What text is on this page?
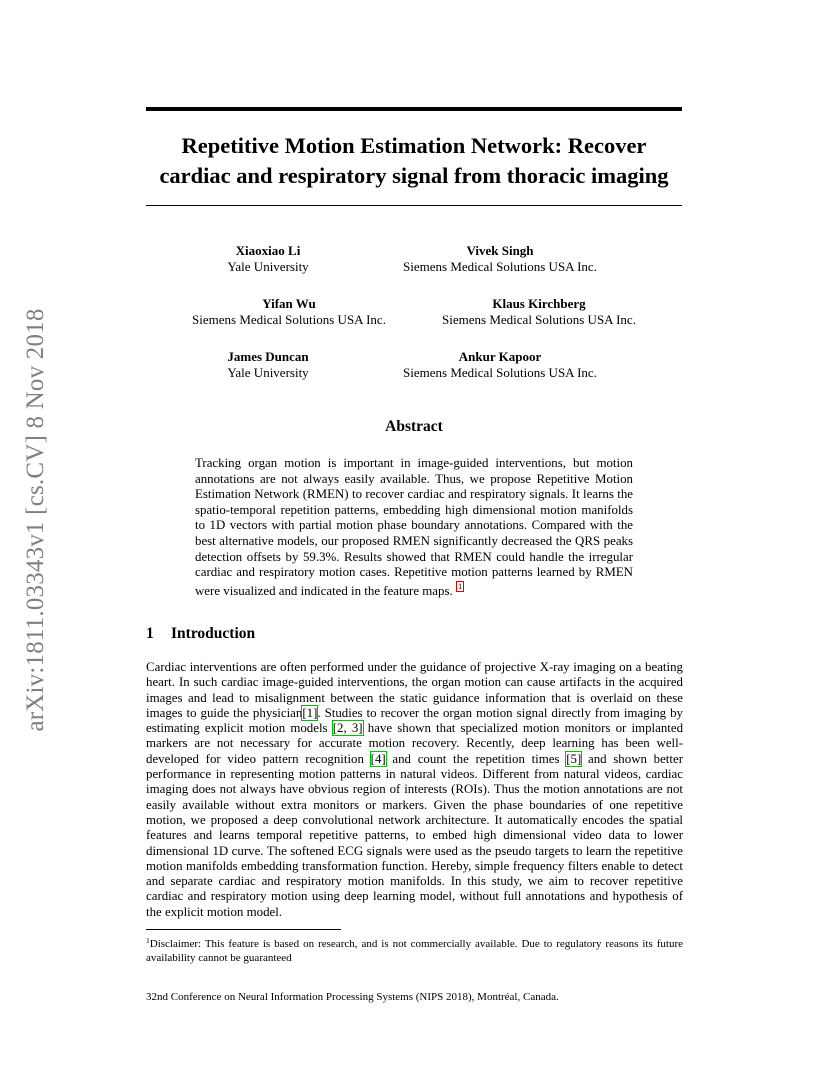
arXiv:1811.03343v1 [cs.CV] 8 Nov 2018
Repetitive Motion Estimation Network: Recover
cardiac and respiratory signal from thoracic imaging
Xiaoxiao Li
Yale University
Vivek Singh
Siemens Medical Solutions USA Inc.
Yifan Wu
Siemens Medical Solutions USA Inc.
Klaus Kirchberg
Siemens Medical Solutions USA Inc.
James Duncan
Yale University
Ankur Kapoor
Siemens Medical Solutions USA Inc.
Abstract
Tracking organ motion is important in image-guided interventions, but motion annotations are not always easily available. Thus, we propose Repetitive Motion Estimation Network (RMEN) to recover cardiac and respiratory signals. It learns the spatio-temporal repetition patterns, embedding high dimensional motion manifolds to 1D vectors with partial motion phase boundary annotations. Compared with the best alternative models, our proposed RMEN significantly decreased the QRS peaks detection offsets by 59.3%. Results showed that RMEN could handle the irregular cardiac and respiratory motion cases. Repetitive motion patterns learned by RMEN were visualized and indicated in the feature maps. 1
1 Introduction
Cardiac interventions are often performed under the guidance of projective X-ray imaging on a beating heart. In such cardiac image-guided interventions, the organ motion can cause artifacts in the acquired images and lead to misalignment between the static guidance information that is overlaid on these images to guide the physician[1]. Studies to recover the organ motion signal directly from imaging by estimating explicit motion models [2, 3] have shown that specialized motion monitors or implanted markers are not necessary for accurate motion recovery. Recently, deep learning has been well-developed for video pattern recognition [4] and count the repetition times [5] and shown better performance in representing motion patterns in natural videos. Different from natural videos, cardiac imaging does not always have obvious region of interests (ROIs). Thus the motion annotations are not easily available without extra monitors or markers. Given the phase boundaries of one repetitive motion, we proposed a deep convolutional network architecture. It automatically encodes the spatial features and learns temporal repetitive patterns, to embed high dimensional video data to lower dimensional 1D curve. The softened ECG signals were used as the pseudo targets to learn the repetitive motion manifolds embedding transformation function. Hereby, simple frequency filters enable to detect and separate cardiac and respiratory motion manifolds. In this study, we aim to recover repetitive cardiac and respiratory motion using deep learning model, without full annotations and hypothesis of the explicit motion model.
$^1$Disclaimer: This feature is based on research, and is not commercially available. Due to regulatory reasons its future availability cannot be guaranteed
32nd Conference on Neural Information Processing Systems (NIPS 2018), Montréal, Canada.
